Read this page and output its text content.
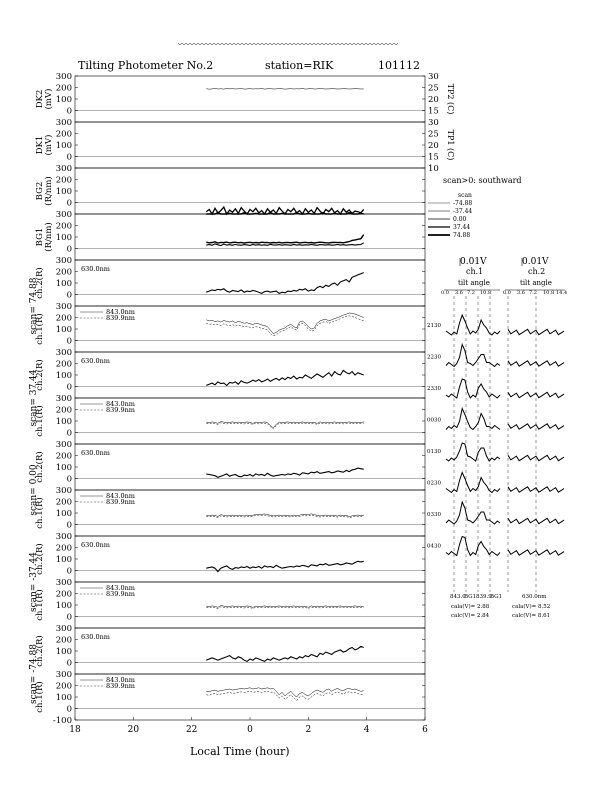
Tilting Photometer No.2	station=RIK	101112
Local Time (hour)
scan>0: southward
scan
-74.88
-37.44
0.00
37.44
74.88
0.01V	0.01V
ch.1	ch.2
tilt angle	tilt angle
0.0 3.6 7.2 10.8 0.0 3.6 7.2 10.8 14.4
843.0
BG1 839.9
BG1	630.0nm
cala(V)= 2.88
calc(V)= 2.84
cala(V)= 8.52
calc(V)= 8.61
300
200
100
0
30
25
20
15 TP2 (C)
DK2 (mV)
300
200
100
0
30
25
20
15
10
TP1 (C)
DK1 (mV)
300
200
100
0
BG2 (R/nm)
300
200
100
0
BG1 (R/nm)
300
200
100
0
ch.2(R)
scan= 74.88
630.0nm
300
200
100
0
ch.1(R)
843.0nm
839.9nm
300
200
100
0
ch.2(R)
scan= 37.44
630.0nm
300
200
100
0
ch.1(R)
843.0nm
839.9nm
300
200
100
0
ch.2(R)
scan= 0.00
630.0nm
300
200
100
0
ch.1(R)
843.0nm
839.9nm
300
200
100
0
ch.2(R)
scan= -37.44
630.0nm
300
200
100
0
ch.1(R)
843.0nm
839.9nm
300
200
100
0
ch.2(R)
scan= -74.88
630.0nm
300
200
100
0
-100
ch.1(R)
843.0nm
839.9nm
18	20	22	0	2	4	6
2130
2230
2330
0030
0130
0230
0330
0430
